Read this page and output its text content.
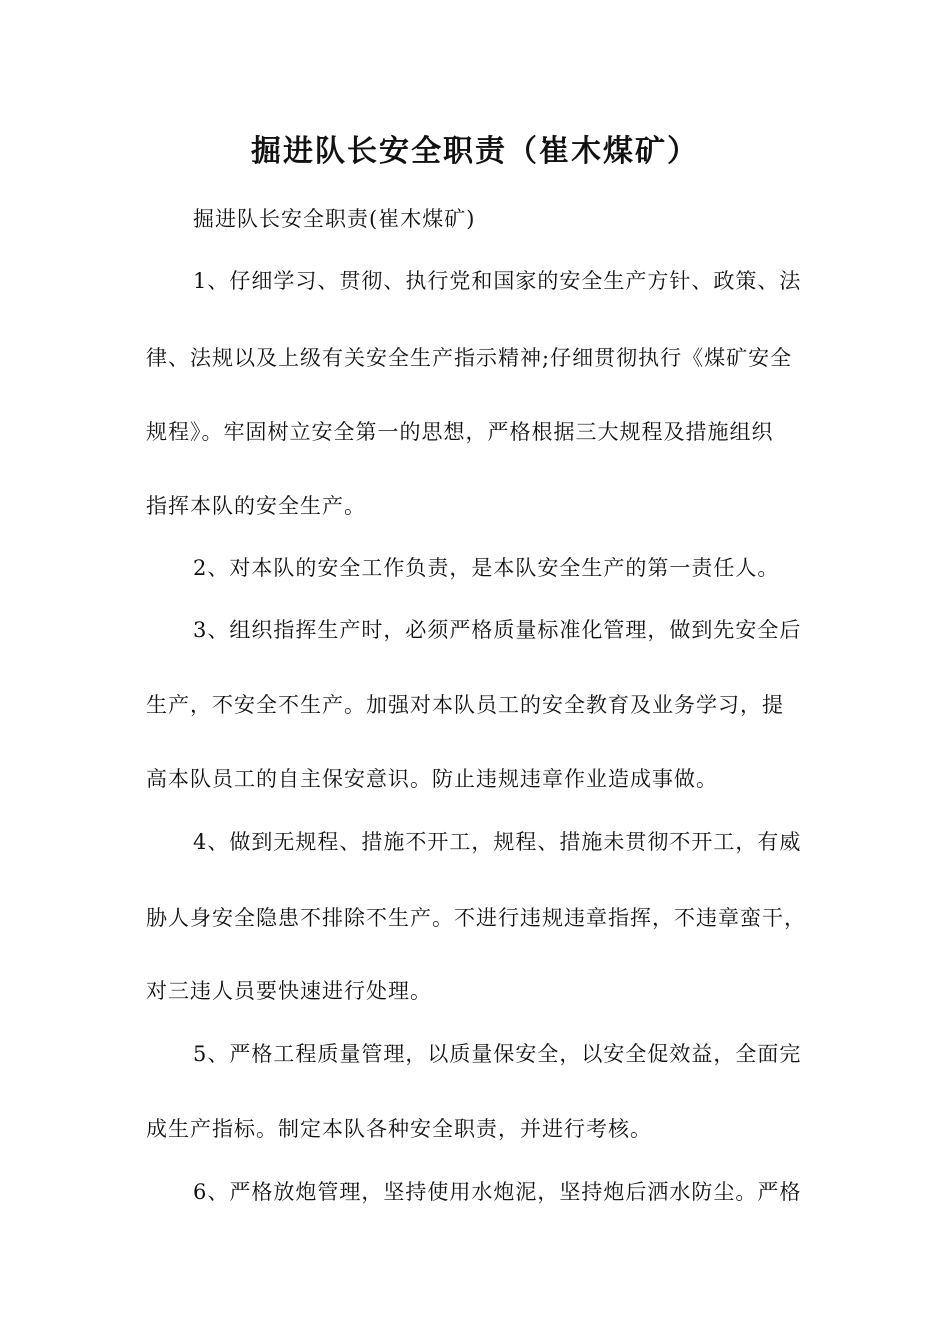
掘进队长安全职责（崔木煤矿）
掘进队长安全职责(崔木煤矿)
1、仔细学习、贯彻、执行党和国家的安全生产方针、政策、法
律、法规以及上级有关安全生产指示精神;仔细贯彻执行《煤矿安全
规程》。牢固树立安全第一的思想，严格根据三大规程及措施组织
指挥本队的安全生产。
2、对本队的安全工作负责，是本队安全生产的第一责任人。
3、组织指挥生产时，必须严格质量标准化管理，做到先安全后
生产，不安全不生产。加强对本队员工的安全教育及业务学习，提
高本队员工的自主保安意识。防止违规违章作业造成事做。
4、做到无规程、措施不开工，规程、措施未贯彻不开工，有威
胁人身安全隐患不排除不生产。不进行违规违章指挥，不违章蛮干，
对三违人员要快速进行处理。
5、严格工程质量管理，以质量保安全，以安全促效益，全面完
成生产指标。制定本队各种安全职责，并进行考核。
6、严格放炮管理，坚持使用水炮泥，坚持炮后洒水防尘。严格
